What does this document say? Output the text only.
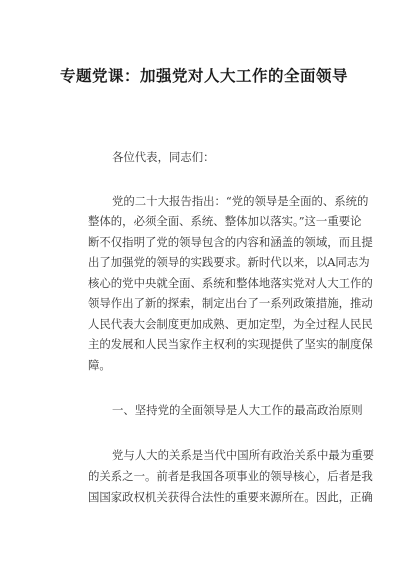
专题党课：加强党对人大工作的全面领导
各位代表，同志们：
党的二十大报告指出：“党的领导是全面的、系统的
整体的，必须全面、系统、整体加以落实。”这一重要论
断不仅指明了党的领导包含的内容和涵盖的领域，而且提
出了加强党的领导的实践要求。新时代以来，以A同志为
核心的党中央就全面、系统和整体地落实党对人大工作的
领导作出了新的探索，制定出台了一系列政策措施，推动
人民代表大会制度更加成熟、更加定型，为全过程人民民
主的发展和人民当家作主权利的实现提供了坚实的制度保
障。
一、坚持党的全面领导是人大工作的最高政治原则
党与人大的关系是当代中国所有政治关系中最为重要
的关系之一。前者是我国各项事业的领导核心，后者是我
国国家政权机关获得合法性的重要来源所在。因此，正确
